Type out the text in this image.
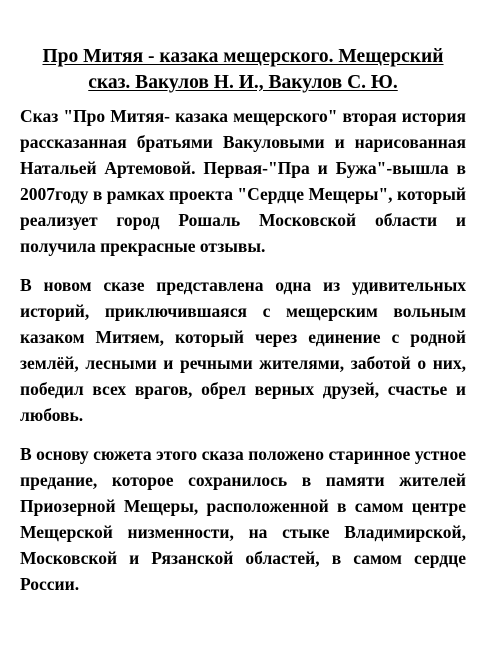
Про Митяя - казака мещерского. Мещерский сказ. Вакулов Н. И., Вакулов С. Ю.

Сказ "Про Митяя- казака мещерского" вторая история рассказанная братьями Вакуловыми и нарисованная Натальей Артемовой. Первая-"Пра и Бужа"-вышла в 2007году в рамках проекта "Сердце Мещеры", который реализует город Рошаль Московской области и получила прекрасные отзывы.

В новом сказе представлена одна из удивительных историй, приключившаяся с мещерским вольным казаком Митяем, который через единение с родной землёй, лесными и речными жителями, заботой о них, победил всех врагов, обрел верных друзей, счастье и любовь.

В основу сюжета этого сказа положено старинное устное предание, которое сохранилось в памяти жителей Приозерной Мещеры, расположенной в самом центре Мещерской низменности, на стыке Владимирской, Московской и Рязанской областей, в самом сердце России.
